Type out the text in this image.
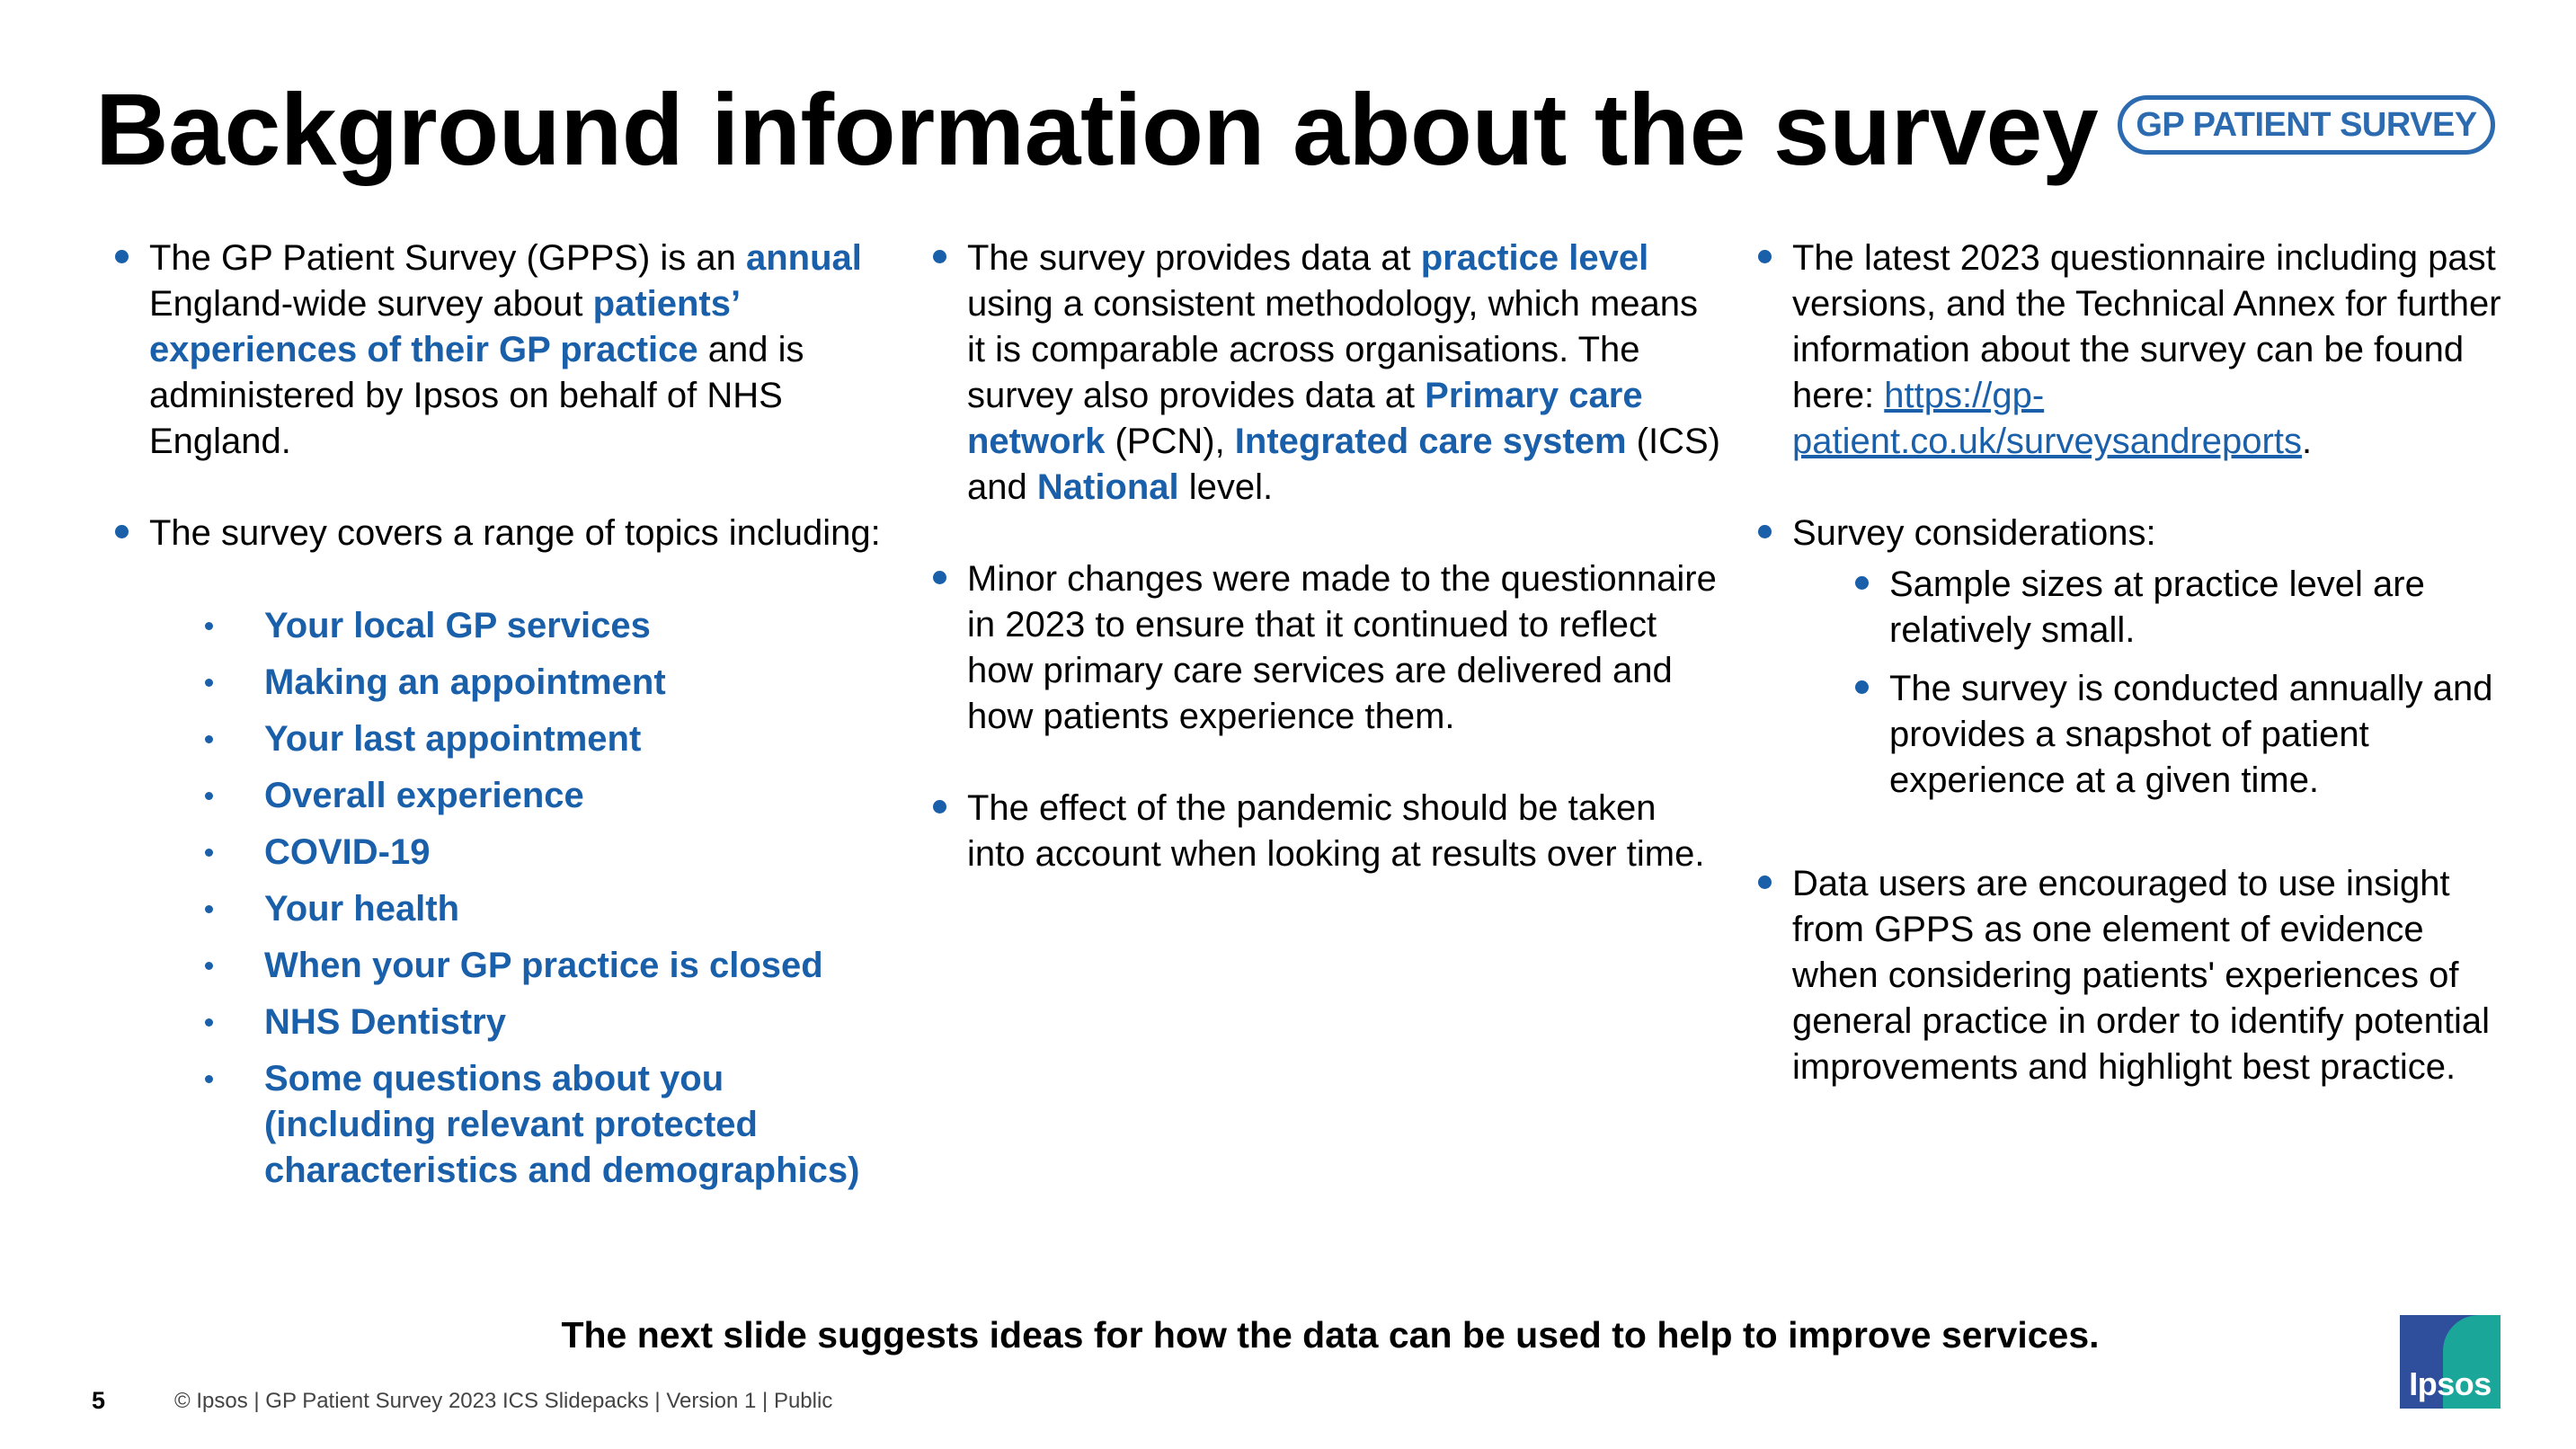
Background information about the survey	GP PATIENT SURVEY
The GP Patient Survey (GPPS) is an annual England-wide survey about patients’ experiences of their GP practice and is administered by Ipsos on behalf of NHS England.
The survey covers a range of topics including:
Your local GP services
Making an appointment
Your last appointment
Overall experience
COVID-19
Your health
When your GP practice is closed
NHS Dentistry
Some questions about you (including relevant protected characteristics and demographics)
The survey provides data at practice level using a consistent methodology, which means it is comparable across organisations. The survey also provides data at Primary care network (PCN), Integrated care system (ICS) and National level.
Minor changes were made to the questionnaire in 2023 to ensure that it continued to reflect how primary care services are delivered and how patients experience them.
The effect of the pandemic should be taken into account when looking at results over time.
The latest 2023 questionnaire including past versions, and the Technical Annex for further information about the survey can be found here: https://gp-patient.co.uk/surveysandreports.
Survey considerations:
Sample sizes at practice level are relatively small.
The survey is conducted annually and provides a snapshot of patient experience at a given time.
Data users are encouraged to use insight from GPPS as one element of evidence when considering patients' experiences of general practice in order to identify potential improvements and highlight best practice.
The next slide suggests ideas for how the data can be used to help to improve services.
5	© Ipsos | GP Patient Survey 2023 ICS Slidepacks | Version 1 | Public	Ipsos
